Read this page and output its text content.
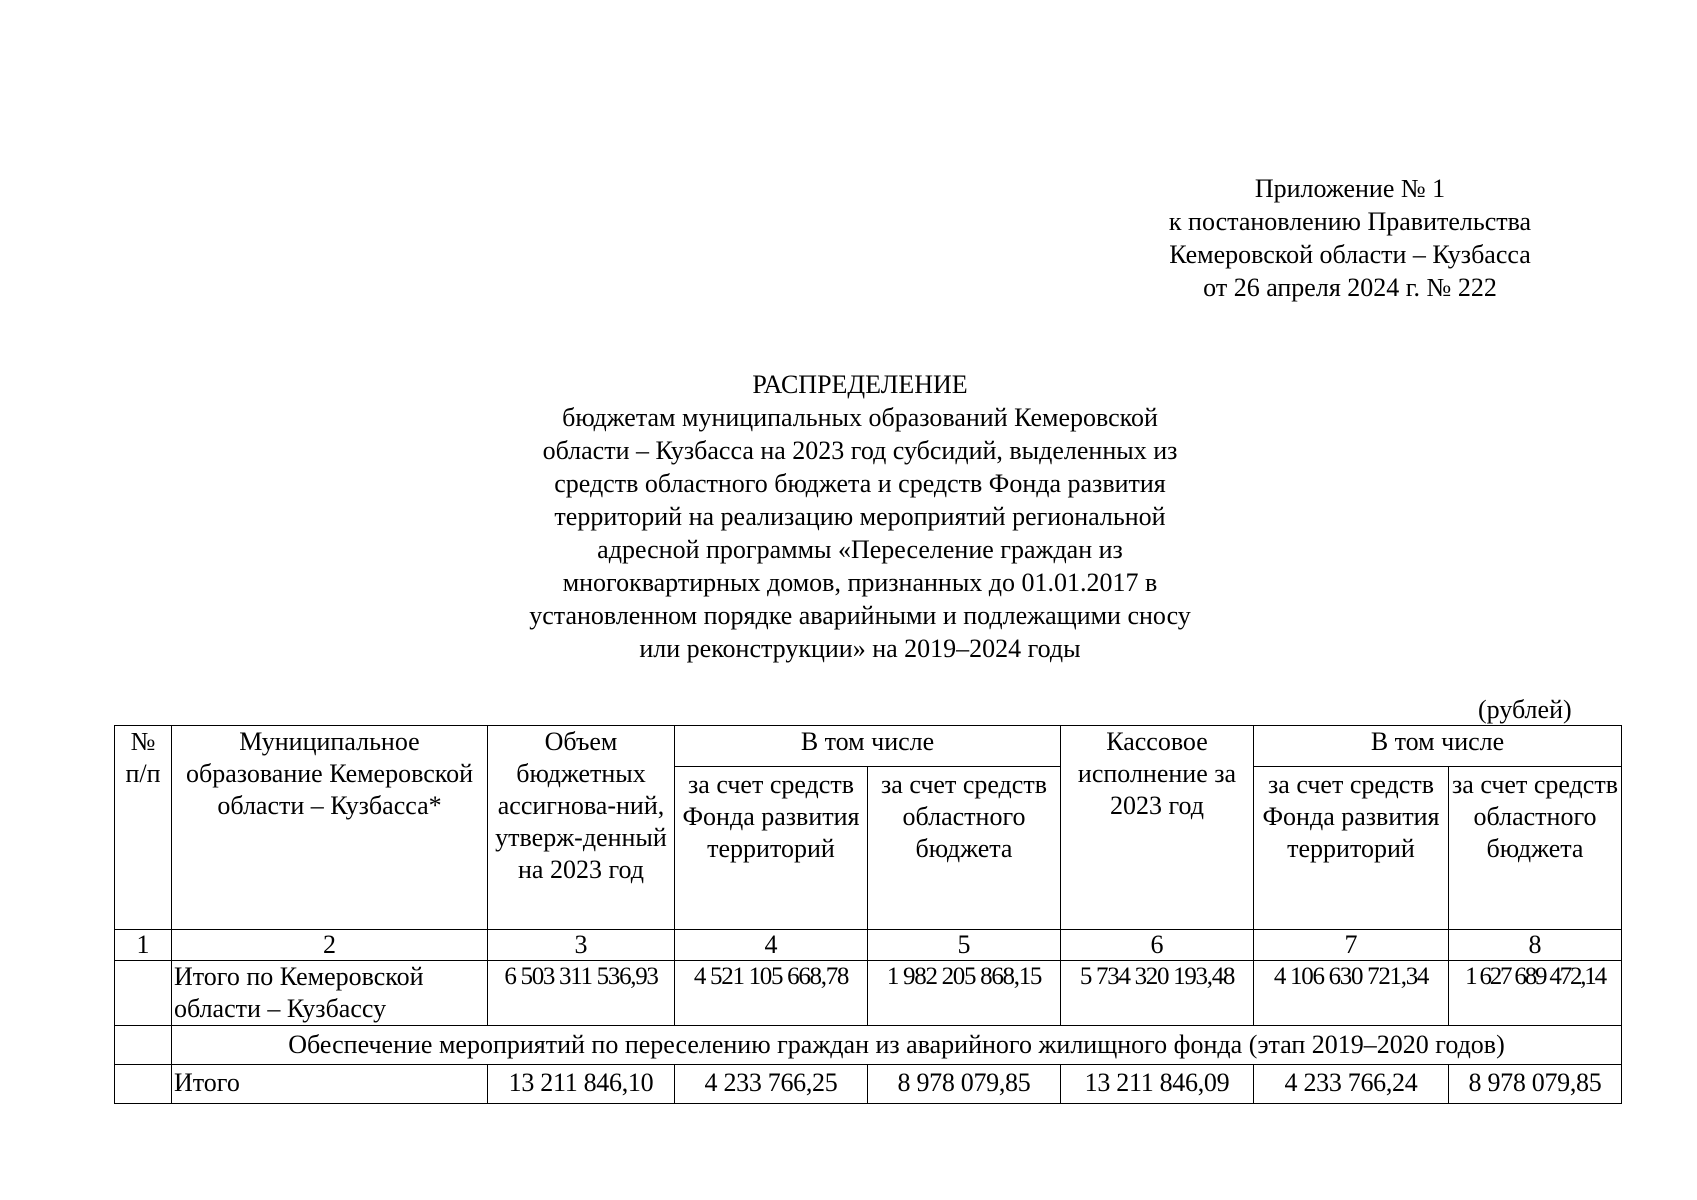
Приложение № 1
к постановлению Правительства
Кемеровской области – Кузбасса
от 26 апреля 2024 г. № 222
РАСПРЕДЕЛЕНИЕ
бюджетам муниципальных образований Кемеровской
области – Кузбасса на 2023 год субсидий, выделенных из
средств областного бюджета и средств Фонда развития
территорий на реализацию мероприятий региональной
адресной программы «Переселение граждан из
многоквартирных домов, признанных до 01.01.2017 в
установленном порядке аварийными и подлежащими сносу
или реконструкции» на 2019–2024 годы
(рублей)
№ п/п	Муниципальное образование Кемеровской области – Кузбасса*	Объем бюджетных ассигнова-ний, утверж-денный на 2023 год	В том числе		Кассовое исполнение за 2023 год	В том числе	
			за счет средств Фонда развития территорий	за счет средств областного бюджета		за счет средств Фонда развития территорий	за счет средств областного бюджета
1	2	3	4	5	6	7	8
	Итого по Кемеровской области – Кузбассу	6 503 311 536,93	4 521 105 668,78	1 982 205 868,15	5 734 320 193,48	4 106 630 721,34	1 627 689 472,14
	Обеспечение мероприятий по переселению граждан из аварийного жилищного фонда (этап 2019–2020 годов)						
	Итого	13 211 846,10	4 233 766,25	8 978 079,85	13 211 846,09	4 233 766,24	8 978 079,85
